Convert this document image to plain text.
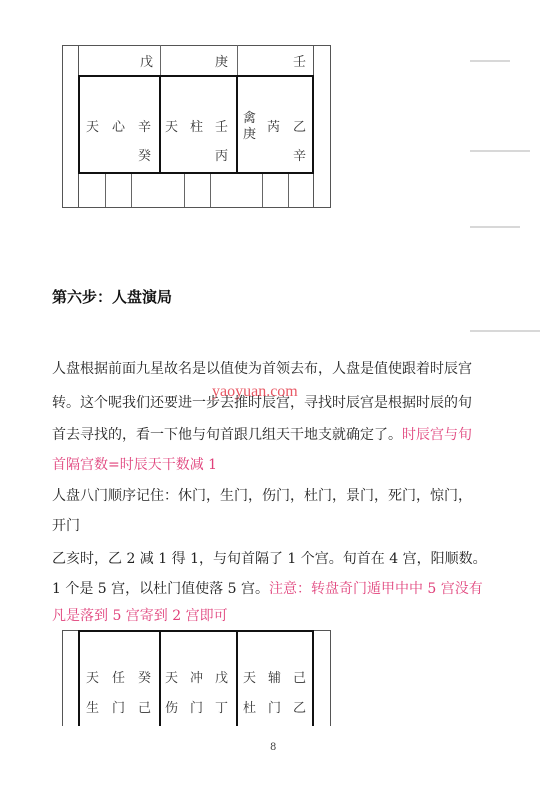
戊	庚	壬
天 心 辛
癸
天 柱 壬
丙
禽
庚 芮 乙
辛
第六步：人盘演局
人盘根据前面九星故名是以值使为首领去布，人盘是值使跟着时辰宫
转。这个呢我们还要进一步去推时辰宫，寻找时辰宫是根据时辰的旬
yaoyuan.com
首去寻找的，看一下他与旬首跟几组天干地支就确定了。时辰宫与旬
首隔宫数=时辰天干数减 1
人盘八门顺序记住：休门，生门，伤门，杜门，景门，死门，惊门，
开门
乙亥时，乙 2 减 1 得 1，与旬首隔了 1 个宫。旬首在 4 宫，阳顺数。
1 个是 5 宫，以杜门值使落 5 宫。注意：转盘奇门遁甲中中 5 宫没有
凡是落到 5 宫寄到 2 宫即可
天 任 癸
生 门 己
天 冲 戊
伤 门 丁
天 辅 己
杜 门 乙
8
